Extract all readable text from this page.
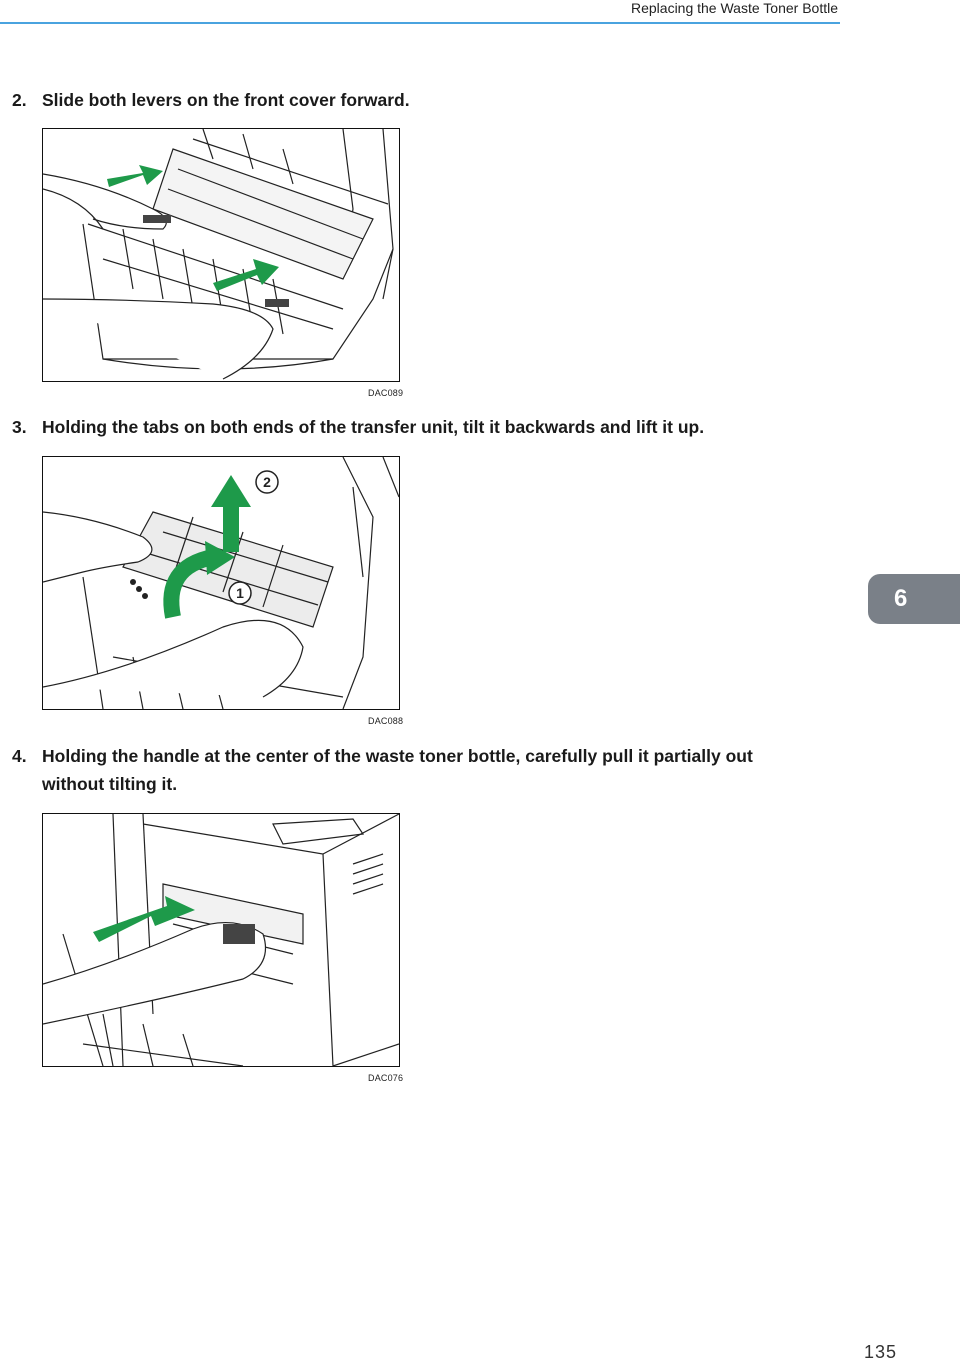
Replacing the Waste Toner Bottle
2. Slide both levers on the front cover forward.
DAC089
3. Holding the tabs on both ends of the transfer unit, tilt it backwards and lift it up.
1
2
DAC088
4. Holding the handle at the center of the waste toner bottle, carefully pull it partially out without tilting it.
DAC076
6
135
